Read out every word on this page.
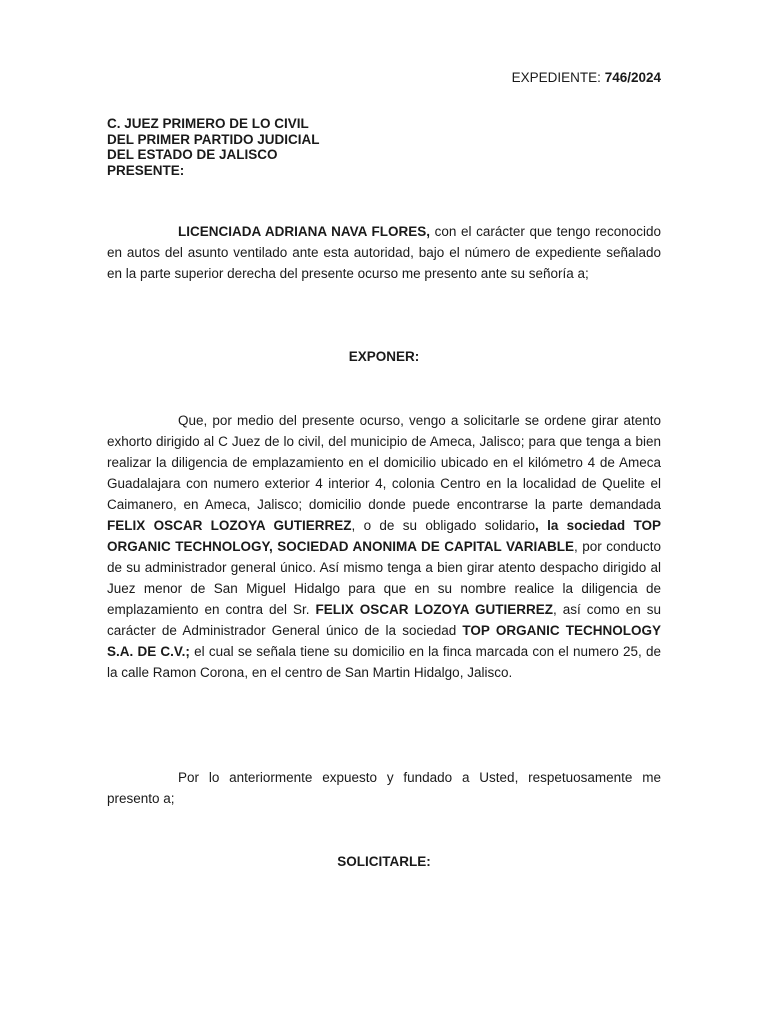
EXPEDIENTE: 746/2024

C. JUEZ PRIMERO DE LO CIVIL
DEL PRIMER PARTIDO JUDICIAL
DEL ESTADO DE JALISCO
PRESENTE:

LICENCIADA ADRIANA NAVA FLORES, con el carácter que tengo reconocido en autos del asunto ventilado ante esta autoridad, bajo el número de expediente señalado en la parte superior derecha del presente ocurso me presento ante su señoría a;

EXPONER:

Que, por medio del presente ocurso, vengo a solicitarle se ordene girar atento exhorto dirigido al C Juez de lo civil, del municipio de Ameca, Jalisco; para que tenga a bien realizar la diligencia de emplazamiento en el domicilio ubicado en el kilómetro 4 de Ameca Guadalajara con numero exterior 4 interior 4, colonia Centro en la localidad de Quelite el Caimanero, en Ameca, Jalisco; domicilio donde puede encontrarse la parte demandada FELIX OSCAR LOZOYA GUTIERREZ, o de su obligado solidario, la sociedad TOP ORGANIC TECHNOLOGY, SOCIEDAD ANONIMA DE CAPITAL VARIABLE, por conducto de su administrador general único. Así mismo tenga a bien girar atento despacho dirigido al Juez menor de San Miguel Hidalgo para que en su nombre realice la diligencia de emplazamiento en contra del Sr. FELIX OSCAR LOZOYA GUTIERREZ, así como en su carácter de Administrador General único de la sociedad TOP ORGANIC TECHNOLOGY S.A. DE C.V.; el cual se señala tiene su domicilio en la finca marcada con el numero 25, de la calle Ramon Corona, en el centro de San Martin Hidalgo, Jalisco.

Por lo anteriormente expuesto y fundado a Usted, respetuosamente me presento a;

SOLICITARLE:
